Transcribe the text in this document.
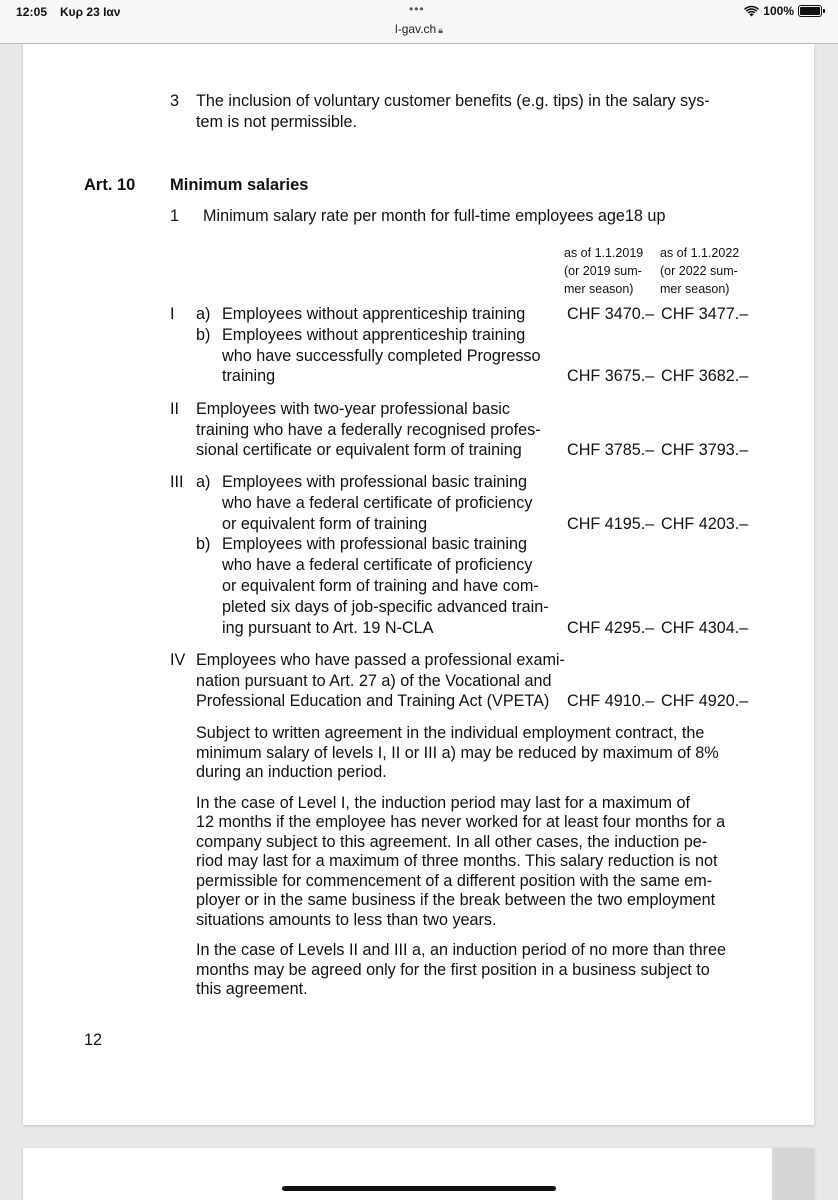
12:05 Κυρ 23 Ιαν	•••
l-gav.ch 🔒︎
100%
3 The inclusion of voluntary customer benefits (e.g. tips) in the salary sys-
tem is not permissible.
Art. 10 Minimum salaries
1 Minimum salary rate per month for full-time employees age18 up
as of 1.1.2019
(or 2019 sum-
mer season)
as of 1.1.2022
(or 2022 sum-
mer season)
I a) Employees without apprenticeship training	CHF 3470.– CHF 3477.–
b) Employees without apprenticeship training
who have successfully completed Progresso
training	CHF 3675.– CHF 3682.–
II Employees with two-year professional basic
training who have a federally recognised profes-
sional certificate or equivalent form of training	CHF 3785.– CHF 3793.–
III a) Employees with professional basic training
who have a federal certificate of proficiency
or equivalent form of training	CHF 4195.– CHF 4203.–
b) Employees with professional basic training
who have a federal certificate of proficiency
or equivalent form of training and have com-
pleted six days of job-specific advanced train-
ing pursuant to Art. 19 N-CLA	CHF 4295.– CHF 4304.–
IV Employees who have passed a professional exami-
nation pursuant to Art. 27 a) of the Vocational and
Professional Education and Training Act (VPETA) CHF 4910.– CHF 4920.–
Subject to written agreement in the individual employment contract, the
minimum salary of levels I, II or III a) may be reduced by maximum of 8%
during an induction period.
In the case of Level I, the induction period may last for a maximum of
12 months if the employee has never worked for at least four months for a
company subject to this agreement. In all other cases, the induction pe-
riod may last for a maximum of three months. This salary reduction is not
permissible for commencement of a different position with the same em-
ployer or in the same business if the break between the two employment
situations amounts to less than two years.
In the case of Levels II and III a, an induction period of no more than three
months may be agreed only for the first position in a business subject to
this agreement.
12
